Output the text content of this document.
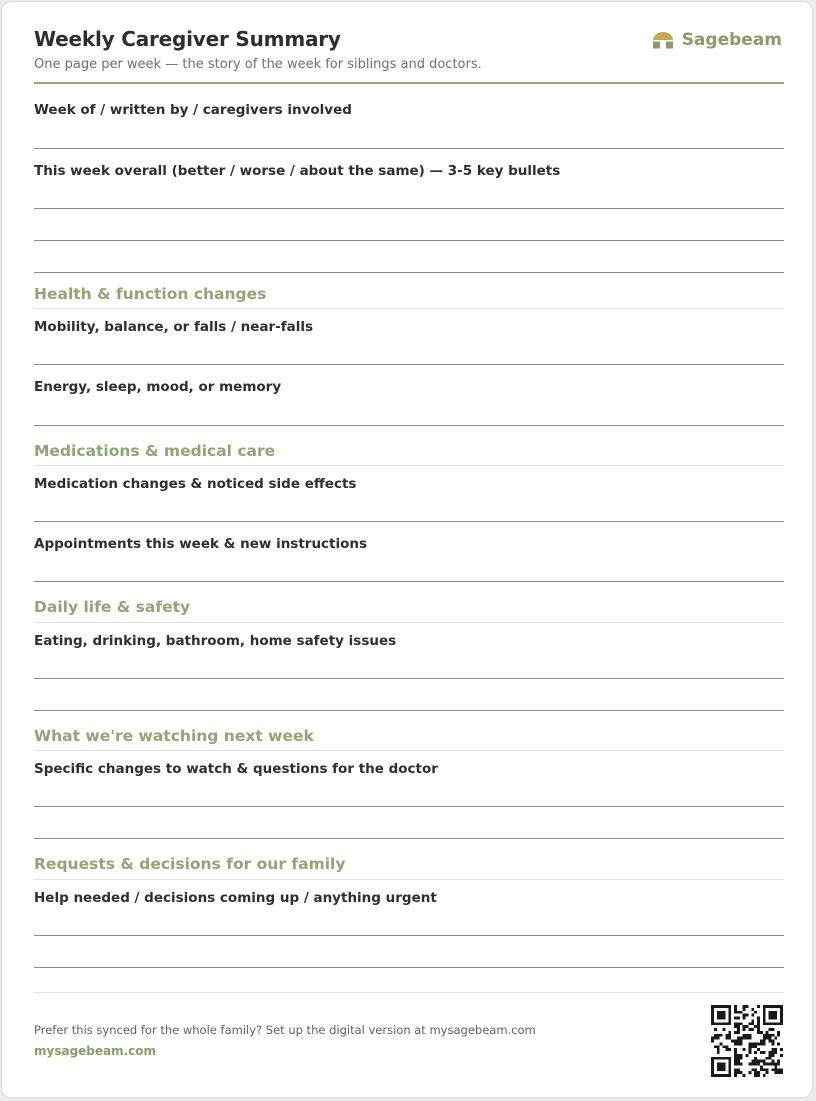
Weekly Caregiver Summary
One page per week — the story of the week for siblings and doctors.
Sagebeam
Week of / written by / caregivers involved
This week overall (better / worse / about the same) — 3-5 key bullets
Health & function changes
Mobility, balance, or falls / near-falls
Energy, sleep, mood, or memory
Medications & medical care
Medication changes & noticed side effects
Appointments this week & new instructions
Daily life & safety
Eating, drinking, bathroom, home safety issues
What we're watching next week
Specific changes to watch & questions for the doctor
Requests & decisions for our family
Help needed / decisions coming up / anything urgent
Prefer this synced for the whole family? Set up the digital version at mysagebeam.com
mysagebeam.com
